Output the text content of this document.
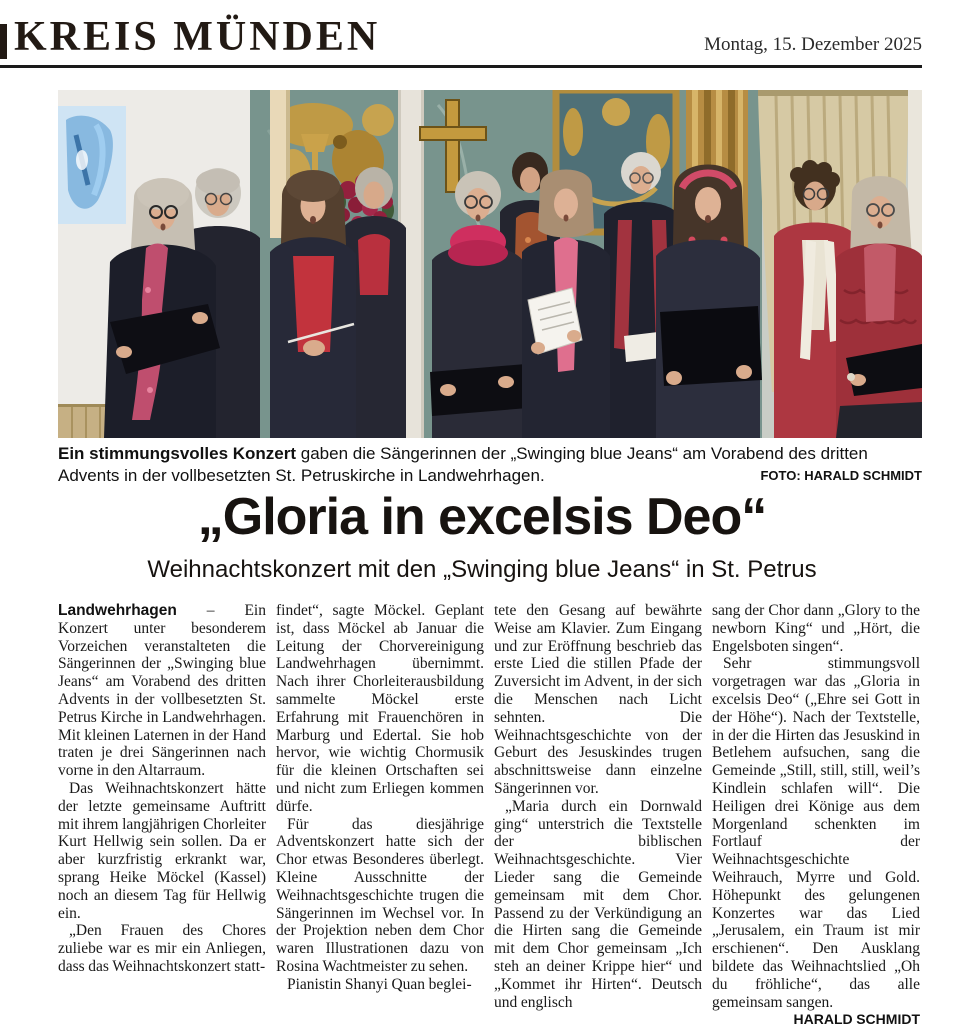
KREIS MÜNDEN	Montag, 15. Dezember 2025

Ein stimmungsvolles Konzert gaben die Sängerinnen der „Swinging blue Jeans“ am Vorabend des dritten Advents in der vollbesetzten St. Petruskirche in Landwehrhagen.	FOTO: HARALD SCHMIDT

„Gloria in excelsis Deo“
Weihnachtskonzert mit den „Swinging blue Jeans“ in St. Petrus

Landwehrhagen – Ein Konzert unter besonderem Vorzeichen veranstalteten die Sängerinnen der „Swinging blue Jeans“ am Vorabend des dritten Advents in der vollbesetzten St. Petrus Kirche in Landwehrhagen. Mit kleinen Laternen in der Hand traten je drei Sängerinnen nach vorne in den Altarraum.

Das Weihnachtskonzert hätte der letzte gemeinsame Auftritt mit ihrem langjährigen Chorleiter Kurt Hellwig sein sollen. Da er aber kurzfristig erkrankt war, sprang Heike Möckel (Kassel) noch an diesem Tag für Hellwig ein.

„Den Frauen des Chores zuliebe war es mir ein Anliegen, dass das Weihnachtskonzert statt-

findet“, sagte Möckel. Geplant ist, dass Möckel ab Januar die Leitung der Chorvereinigung Landwehrhagen übernimmt. Nach ihrer Chorleiterausbildung sammelte Möckel erste Erfahrung mit Frauenchören in Marburg und Edertal. Sie hob hervor, wie wichtig Chormusik für die kleinen Ortschaften sei und nicht zum Erliegen kommen dürfe.

Für das diesjährige Adventskonzert hatte sich der Chor etwas Besonderes überlegt. Kleine Ausschnitte der Weihnachtsgeschichte trugen die Sängerinnen im Wechsel vor. In der Projektion neben dem Chor waren Illustrationen dazu von Rosina Wachtmeister zu sehen.

Pianistin Shanyi Quan beglei-

tete den Gesang auf bewährte Weise am Klavier. Zum Eingang und zur Eröffnung beschrieb das erste Lied die stillen Pfade der Zuversicht im Advent, in der sich die Menschen nach Licht sehnten. Die Weihnachtsgeschichte von der Geburt des Jesuskindes trugen abschnittsweise dann einzelne Sängerinnen vor.

„Maria durch ein Dornwald ging“ unterstrich die Textstelle der biblischen Weihnachtsgeschichte. Vier Lieder sang die Gemeinde gemeinsam mit dem Chor. Passend zu der Verkündigung an die Hirten sang die Gemeinde mit dem Chor gemeinsam „Ich steh an deiner Krippe hier“ und „Kommet ihr Hirten“. Deutsch und englisch

sang der Chor dann „Glory to the newborn King“ und „Hört, die Engelsboten singen“.

Sehr stimmungsvoll vorgetragen war das „Gloria in excelsis Deo“ („Ehre sei Gott in der Höhe“). Nach der Textstelle, in der die Hirten das Jesuskind in Betlehem aufsuchen, sang die Gemeinde „Still, still, still, weil’s Kindlein schlafen will“. Die Heiligen drei Könige aus dem Morgenland schenkten im Fortlauf der Weihnachtsgeschichte Weihrauch, Myrre und Gold. Höhepunkt des gelungenen Konzertes war das Lied „Jerusalem, ein Traum ist mir erschienen“. Den Ausklang bildete das Weihnachtslied „Oh du fröhliche“, das alle gemeinsam sangen.
HARALD SCHMIDT
